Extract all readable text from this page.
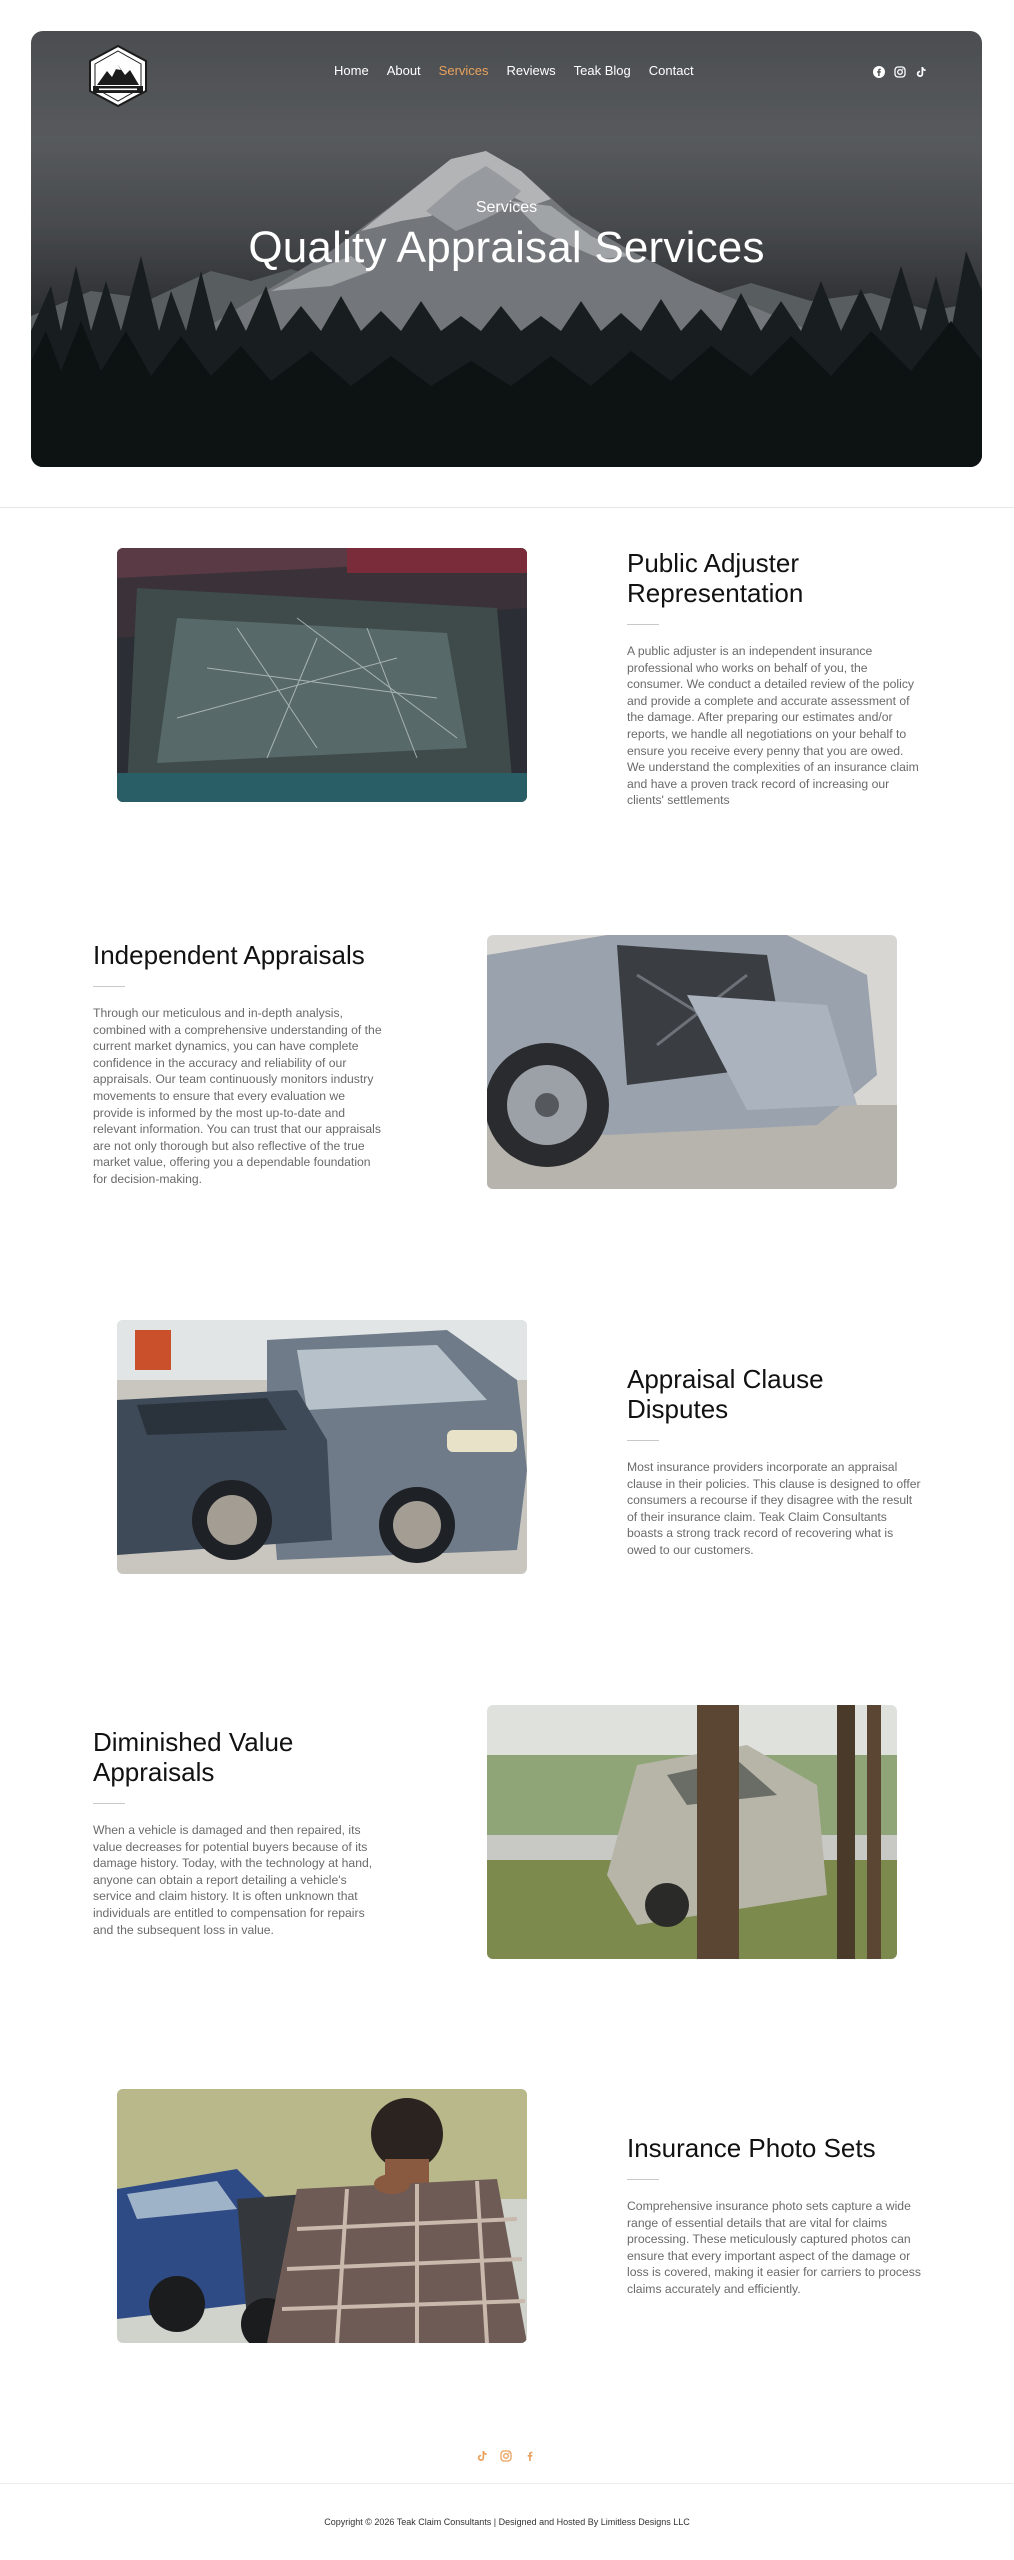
Home About Services Reviews Teak Blog Contact
Services
Quality Appraisal Services
Public Adjuster Representation

A public adjuster is an independent insurance professional who works on behalf of you, the consumer. We conduct a detailed review of the policy and provide a complete and accurate assessment of the damage. After preparing our estimates and/or reports, we handle all negotiations on your behalf to ensure you receive every penny that you are owed. We understand the complexities of an insurance claim and have a proven track record of increasing our clients' settlements

Independent Appraisals

Through our meticulous and in-depth analysis, combined with a comprehensive understanding of the current market dynamics, you can have complete confidence in the accuracy and reliability of our appraisals. Our team continuously monitors industry movements to ensure that every evaluation we provide is informed by the most up-to-date and relevant information. You can trust that our appraisals are not only thorough but also reflective of the true market value, offering you a dependable foundation for decision-making.

Appraisal Clause Disputes

Most insurance providers incorporate an appraisal clause in their policies. This clause is designed to offer consumers a recourse if they disagree with the result of their insurance claim. Teak Claim Consultants boasts a strong track record of recovering what is owed to our customers.

Diminished Value Appraisals

When a vehicle is damaged and then repaired, its value decreases for potential buyers because of its damage history. Today, with the technology at hand, anyone can obtain a report detailing a vehicle's service and claim history. It is often unknown that individuals are entitled to compensation for repairs and the subsequent loss in value.

Insurance Photo Sets

Comprehensive insurance photo sets capture a wide range of essential details that are vital for claims processing. These meticulously captured photos can ensure that every important aspect of the damage or loss is covered, making it easier for carriers to process claims accurately and efficiently.

Copyright © 2026 Teak Claim Consultants | Designed and Hosted By Limitless Designs LLC
